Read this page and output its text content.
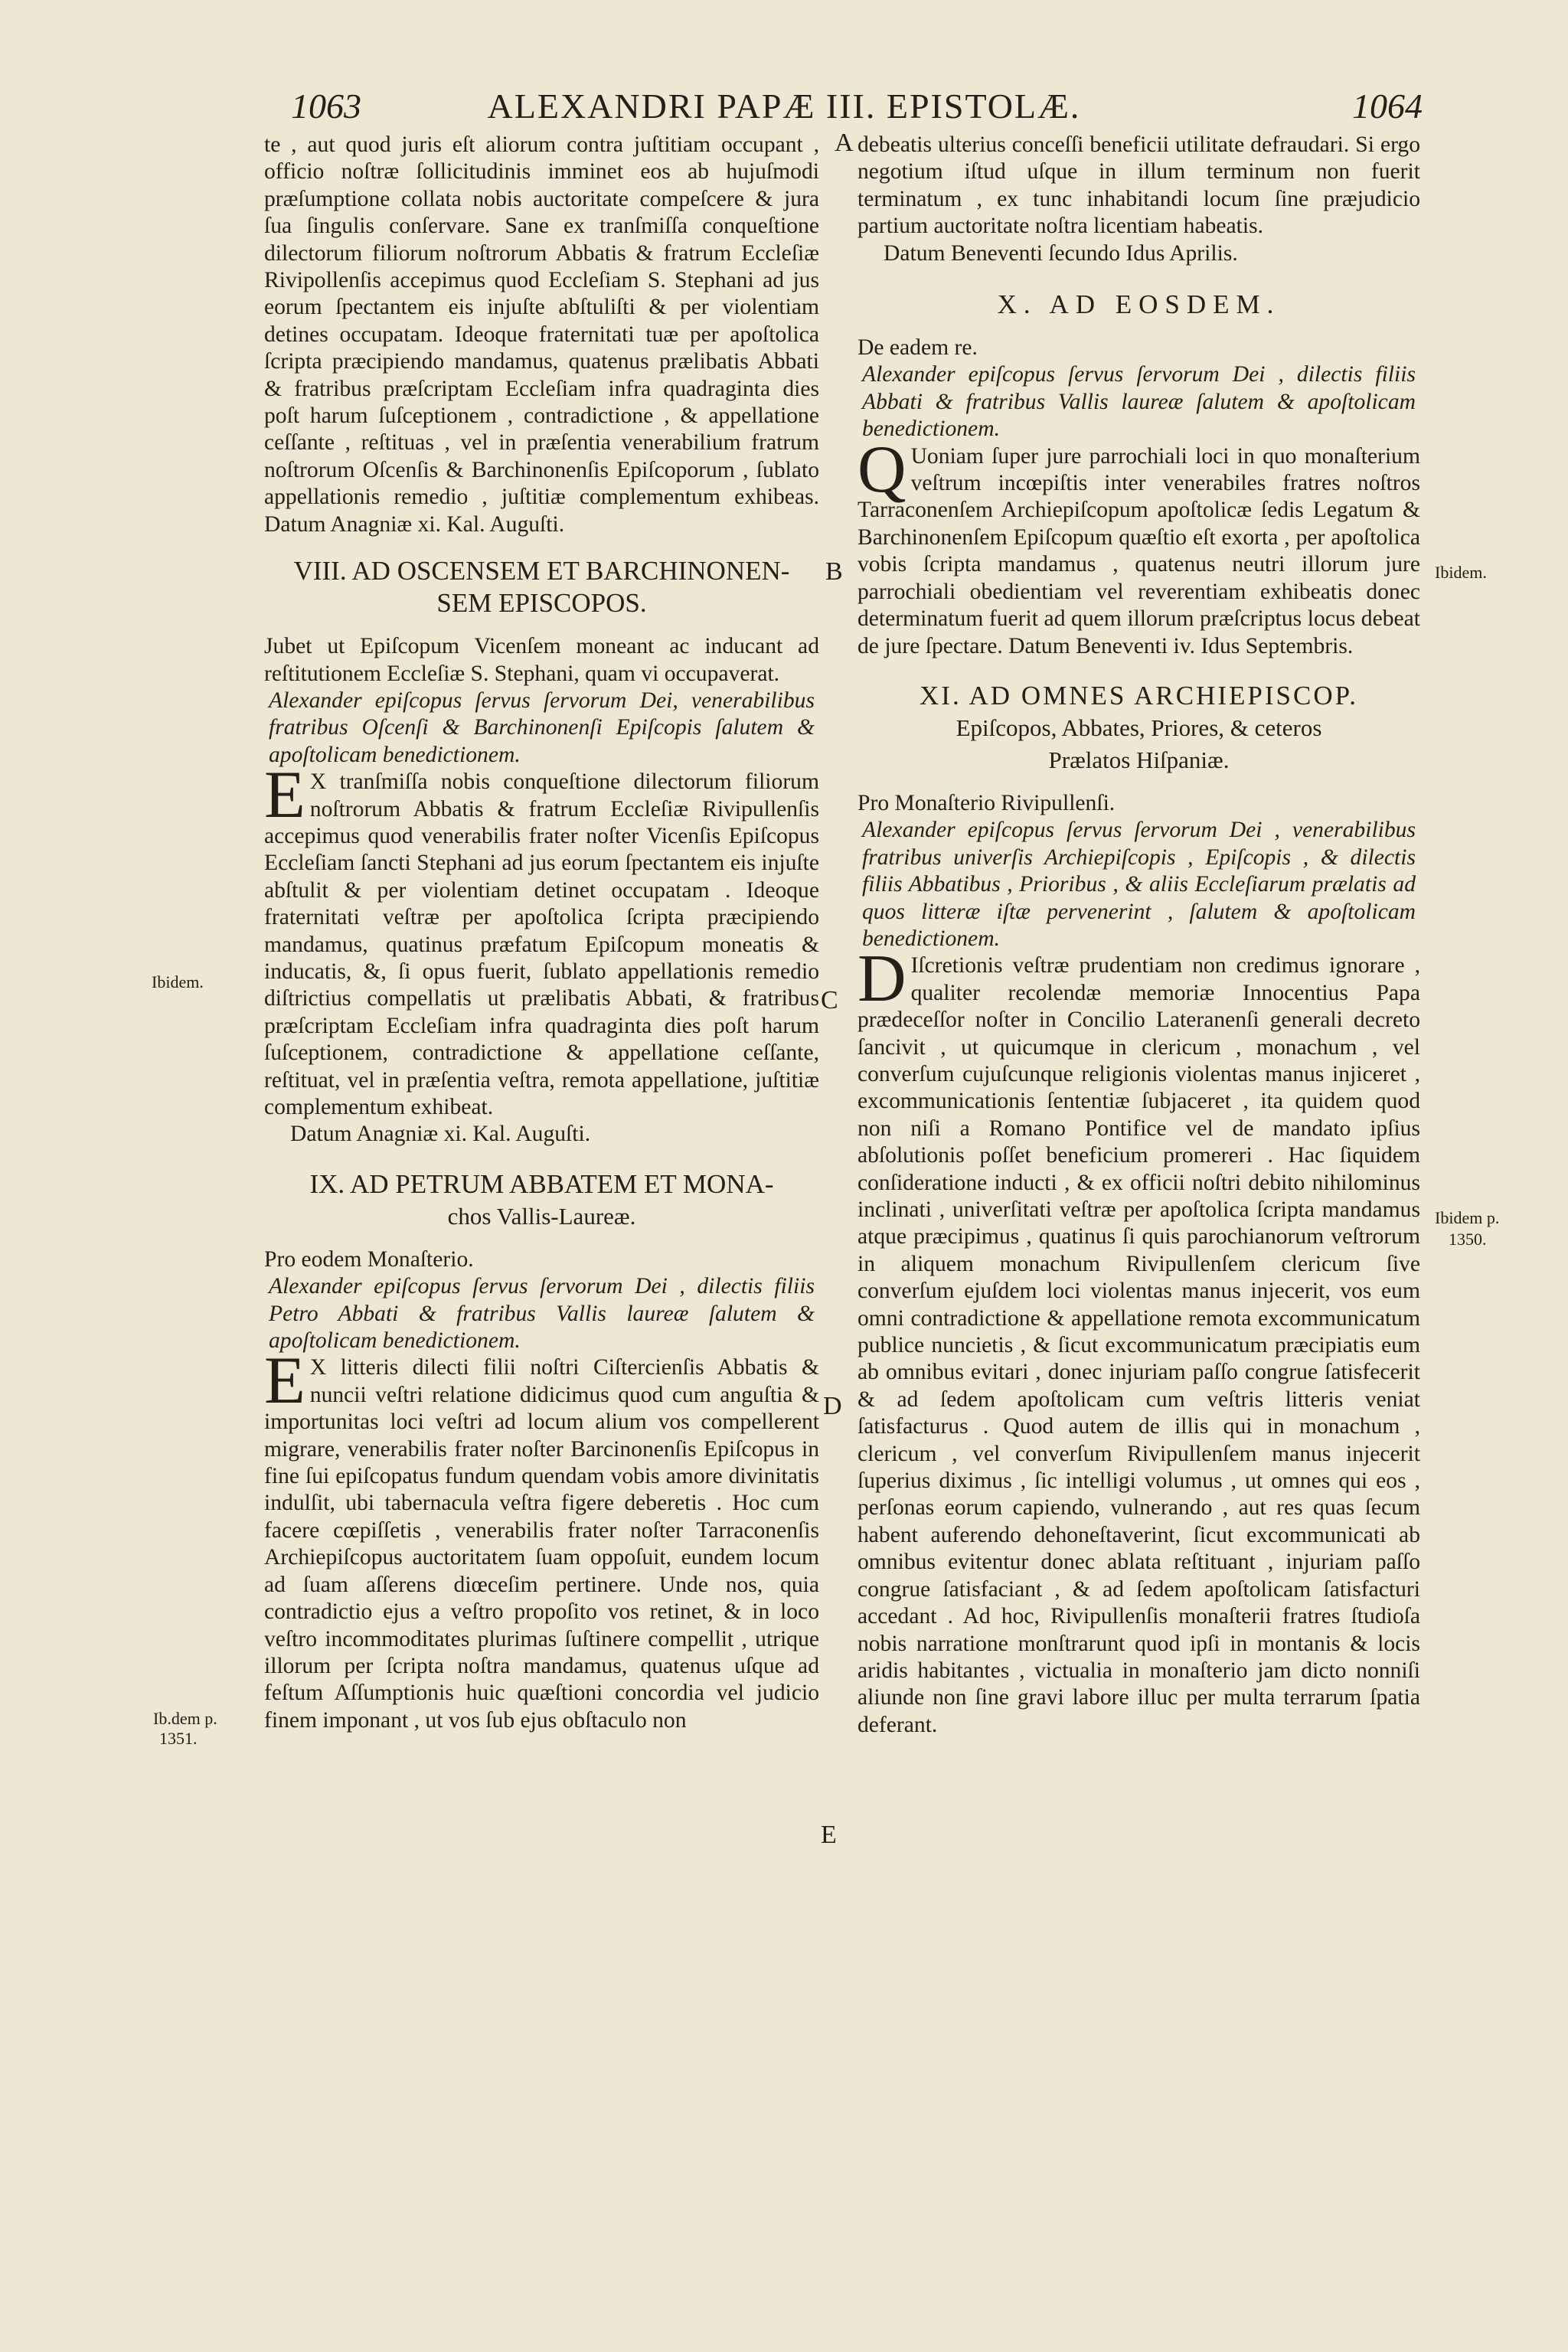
1063	ALEXANDRI PAPÆ III. EPISTOLÆ.	1064

te , aut quod juris eſt aliorum contra juſtitiam occupant , officio noſtræ ſollicitudinis imminet eos ab hujuſmodi præſumptione collata nobis auctoritate compeſcere & jura ſua ſingulis conſervare. Sane ex tranſmiſſa conqueſtione dilectorum filiorum noſtrorum Abbatis & fratrum Eccleſiæ Rivipollenſis accepimus quod Eccleſiam S. Stephani ad jus eorum ſpectantem eis injuſte abſtuliſti & per violentiam detines occupatam. Ideoque fraternitati tuæ per apoſtolica ſcripta præcipiendo mandamus, quatenus prælibatis Abbati & fratribus præſcriptam Eccleſiam infra quadraginta dies poſt harum ſuſceptionem , contradictione , & appellatione ceſſante , reſtituas , vel in præſentia venerabilium fratrum noſtrorum Oſcenſis & Barchinonenſis Epiſcoporum , ſublato appellationis remedio , juſtitiæ complementum exhibeas. Datum Anagniæ xi. Kal. Auguſti.

VIII. AD OSCENSEM ET BARCHINONEN-
SEM EPISCOPOS.

Jubet ut Epiſcopum Vicenſem moneant ac inducant ad reſtitutionem Eccleſiæ S. Stephani, quam vi occupaverat.

Alexander epiſcopus ſervus ſervorum Dei, venerabilibus fratribus Oſcenſi & Barchinonenſi Epiſcopis ſalutem & apoſtolicam benedictionem.

E X tranſmiſſa nobis conqueſtione dilectorum filiorum noſtrorum Abbatis & fratrum Eccleſiæ Rivipullenſis accepimus quod venerabilis frater noſter Vicenſis Epiſcopus Eccleſiam ſancti Stephani ad jus eorum ſpectantem eis injuſte abſtulit & per violentiam detinet occupatam . Ideoque fraternitati veſtræ per apoſtolica ſcripta præcipiendo mandamus, quatinus præfatum Epiſcopum moneatis & inducatis, &, ſi opus fuerit, ſublato appellationis remedio diſtrictius compellatis ut prælibatis Abbati, & fratribus præſcriptam Eccleſiam infra quadraginta dies poſt harum ſuſceptionem, contradictione & appellatione ceſſante, reſtituat, vel in præſentia veſtra, remota appellatione, juſtitiæ complementum exhibeat.

Datum Anagniæ xi. Kal. Auguſti.

IX. AD PETRUM ABBATEM ET MONA-
chos Vallis-Laureæ.

Pro eodem Monaſterio.

Alexander epiſcopus ſervus ſervorum Dei , dilectis filiis Petro Abbati & fratribus Vallis laureæ ſalutem & apoſtolicam benedictionem.

E X litteris dilecti filii noſtri Ciſtercienſis Abbatis & nuncii veſtri relatione didicimus quod cum anguſtia & importunitas loci veſtri ad locum alium vos compellerent migrare, venerabilis frater noſter Barcinonenſis Epiſcopus in fine ſui epiſcopatus fundum quendam vobis amore divinitatis indulſit, ubi tabernacula veſtra figere deberetis . Hoc cum facere cœpiſſetis , venerabilis frater noſter Tarraconenſis Archiepiſcopus auctoritatem ſuam oppoſuit, eundem locum ad ſuam aſſerens diœceſim pertinere. Unde nos, quia contradictio ejus a veſtro propoſito vos retinet, & in loco veſtro incommoditates plurimas ſuſtinere compellit , utrique illorum per ſcripta noſtra mandamus, quatenus uſque ad feſtum Aſſumptionis huic quæſtioni concordia vel judicio finem imponant , ut vos ſub ejus obſtaculo non

debeatis ulterius conceſſi beneficii utilitate defraudari. Si ergo negotium iſtud uſque in illum terminum non fuerit terminatum , ex tunc inhabitandi locum ſine præjudicio partium auctoritate noſtra licentiam habeatis.

Datum Beneventi ſecundo Idus Aprilis.

X. AD EOSDEM.

De eadem re.

Alexander epiſcopus ſervus ſervorum Dei , dilectis filiis Abbati & fratribus Vallis laureæ ſalutem & apoſtolicam benedictionem.

Q Uoniam ſuper jure parrochiali loci in quo monaſterium veſtrum incœpiſtis inter venerabiles fratres noſtros Tarraconenſem Archiepiſcopum apoſtolicæ ſedis Legatum & Barchinonenſem Epiſcopum quæſtio eſt exorta , per apoſtolica vobis ſcripta mandamus , quatenus neutri illorum jure parrochiali obedientiam vel reverentiam exhibeatis donec determinatum fuerit ad quem illorum præſcriptus locus debeat de jure ſpectare. Datum Beneventi iv. Idus Septembris.

XI. AD OMNES ARCHIEPISCOP.
Epiſcopos, Abbates, Priores, & ceteros
Prælatos Hiſpaniæ.

Pro Monaſterio Rivipullenſi.

Alexander epiſcopus ſervus ſervorum Dei , venerabilibus fratribus univerſis Archiepiſcopis , Epiſcopis , & dilectis filiis Abbatibus , Prioribus , & aliis Eccleſiarum prælatis ad quos litteræ iſtæ pervenerint , ſalutem & apoſtolicam benedictionem.

D Iſcretionis veſtræ prudentiam non credimus ignorare , qualiter recolendæ memoriæ Innocentius Papa prædeceſſor noſter in Concilio Lateranenſi generali decreto ſancivit , ut quicumque in clericum , monachum , vel converſum cujuſcunque religionis violentas manus injiceret , excommunicationis ſententiæ ſubjaceret , ita quidem quod non niſi a Romano Pontifice vel de mandato ipſius abſolutionis poſſet beneficium promereri . Hac ſiquidem conſideratione inducti , & ex officii noſtri debito nihilominus inclinati , univerſitati veſtræ per apoſtolica ſcripta mandamus atque præcipimus , quatinus ſi quis parochianorum veſtrorum in aliquem monachum Rivipullenſem clericum ſive converſum ejuſdem loci violentas manus injecerit, vos eum omni contradictione & appellatione remota excommunicatum publice nuncietis , & ſicut excommunicatum præcipiatis eum ab omnibus evitari , donec injuriam paſſo congrue ſatisfecerit & ad ſedem apoſtolicam cum veſtris litteris veniat ſatisfacturus . Quod autem de illis qui in monachum , clericum , vel converſum Rivipullenſem manus injecerit ſuperius diximus , ſic intelligi volumus , ut omnes qui eos , perſonas eorum capiendo, vulnerando , aut res quas ſecum habent auferendo dehoneſtaverint, ſicut excommunicati ab omnibus evitentur donec ablata reſtituant , injuriam paſſo congrue ſatisfaciant , & ad ſedem apoſtolicam ſatisfacturi accedant . Ad hoc, Rivipullenſis monaſterii fratres ſtudioſa nobis narratione monſtrarunt quod ipſi in montanis & locis aridis habitantes , victualia in monaſterio jam dicto nonniſi aliunde non ſine gravi labore illuc per multa terrarum ſpatia deferant.

A
B
C
D
E
Ibidem.
Ibidem.
Ibidem p.
1350.
Ib.dem p.
1351.
